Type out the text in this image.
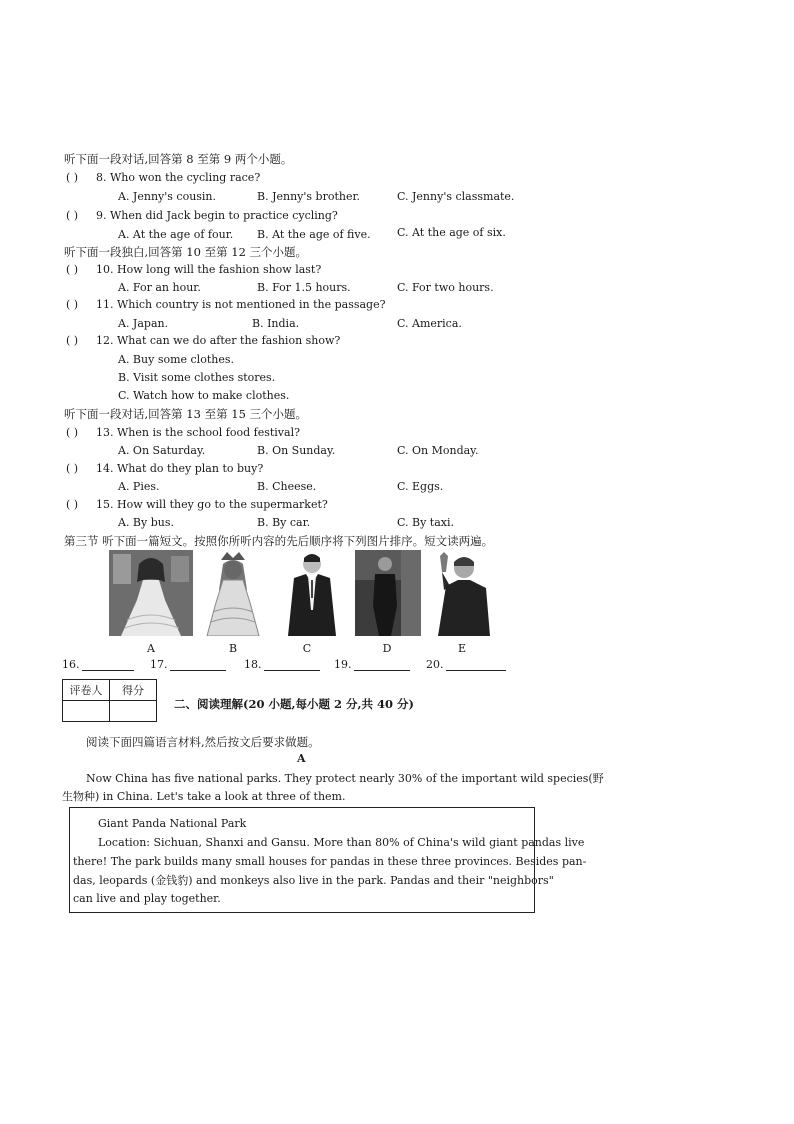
听下面一段对话,回答第 8 至第 9 两个小题。
( ) 8. Who won the cycling race?
A. Jenny's cousin.	B. Jenny's brother.	C. Jenny's classmate.
( ) 9. When did Jack begin to practice cycling?
A. At the age of four. B. At the age of five. C. At the age of six.
听下面一段独白,回答第 10 至第 12 三个小题。
( ) 10. How long will the fashion show last?
A. For an hour.	B. For 1.5 hours.	C. For two hours.
( ) 11. Which country is not mentioned in the passage?
A. Japan.	B. India.	C. America.
( ) 12. What can we do after the fashion show?
A. Buy some clothes.
B. Visit some clothes stores.
C. Watch how to make clothes.
听下面一段对话,回答第 13 至第 15 三个小题。
( ) 13. When is the school food festival?
A. On Saturday.	B. On Sunday.	C. On Monday.
( ) 14. What do they plan to buy?
A. Pies.	B. Cheese.	C. Eggs.
( ) 15. How will they go to the supermarket?
A. By bus.	B. By car.	C. By taxi.
第三节 听下面一篇短文。按照你所听内容的先后顺序将下列图片排序。短文读两遍。
A	B	C	D	E
16.	17.	18.	19.	20.
评卷人	得分

二、阅读理解(20 小题,每小题 2 分,共 40 分)
阅读下面四篇语言材料,然后按文后要求做题。
A
Now China has five national parks. They protect nearly 30% of the important wild species(野
生物种) in China. Let's take a look at three of them.
Giant Panda National Park
Location: Sichuan, Shanxi and Gansu. More than 80% of China's wild giant pandas live
there! The park builds many small houses for pandas in these three provinces. Besides pan-
das, leopards (金钱豹) and monkeys also live in the park. Pandas and their "neighbors"
can live and play together.
